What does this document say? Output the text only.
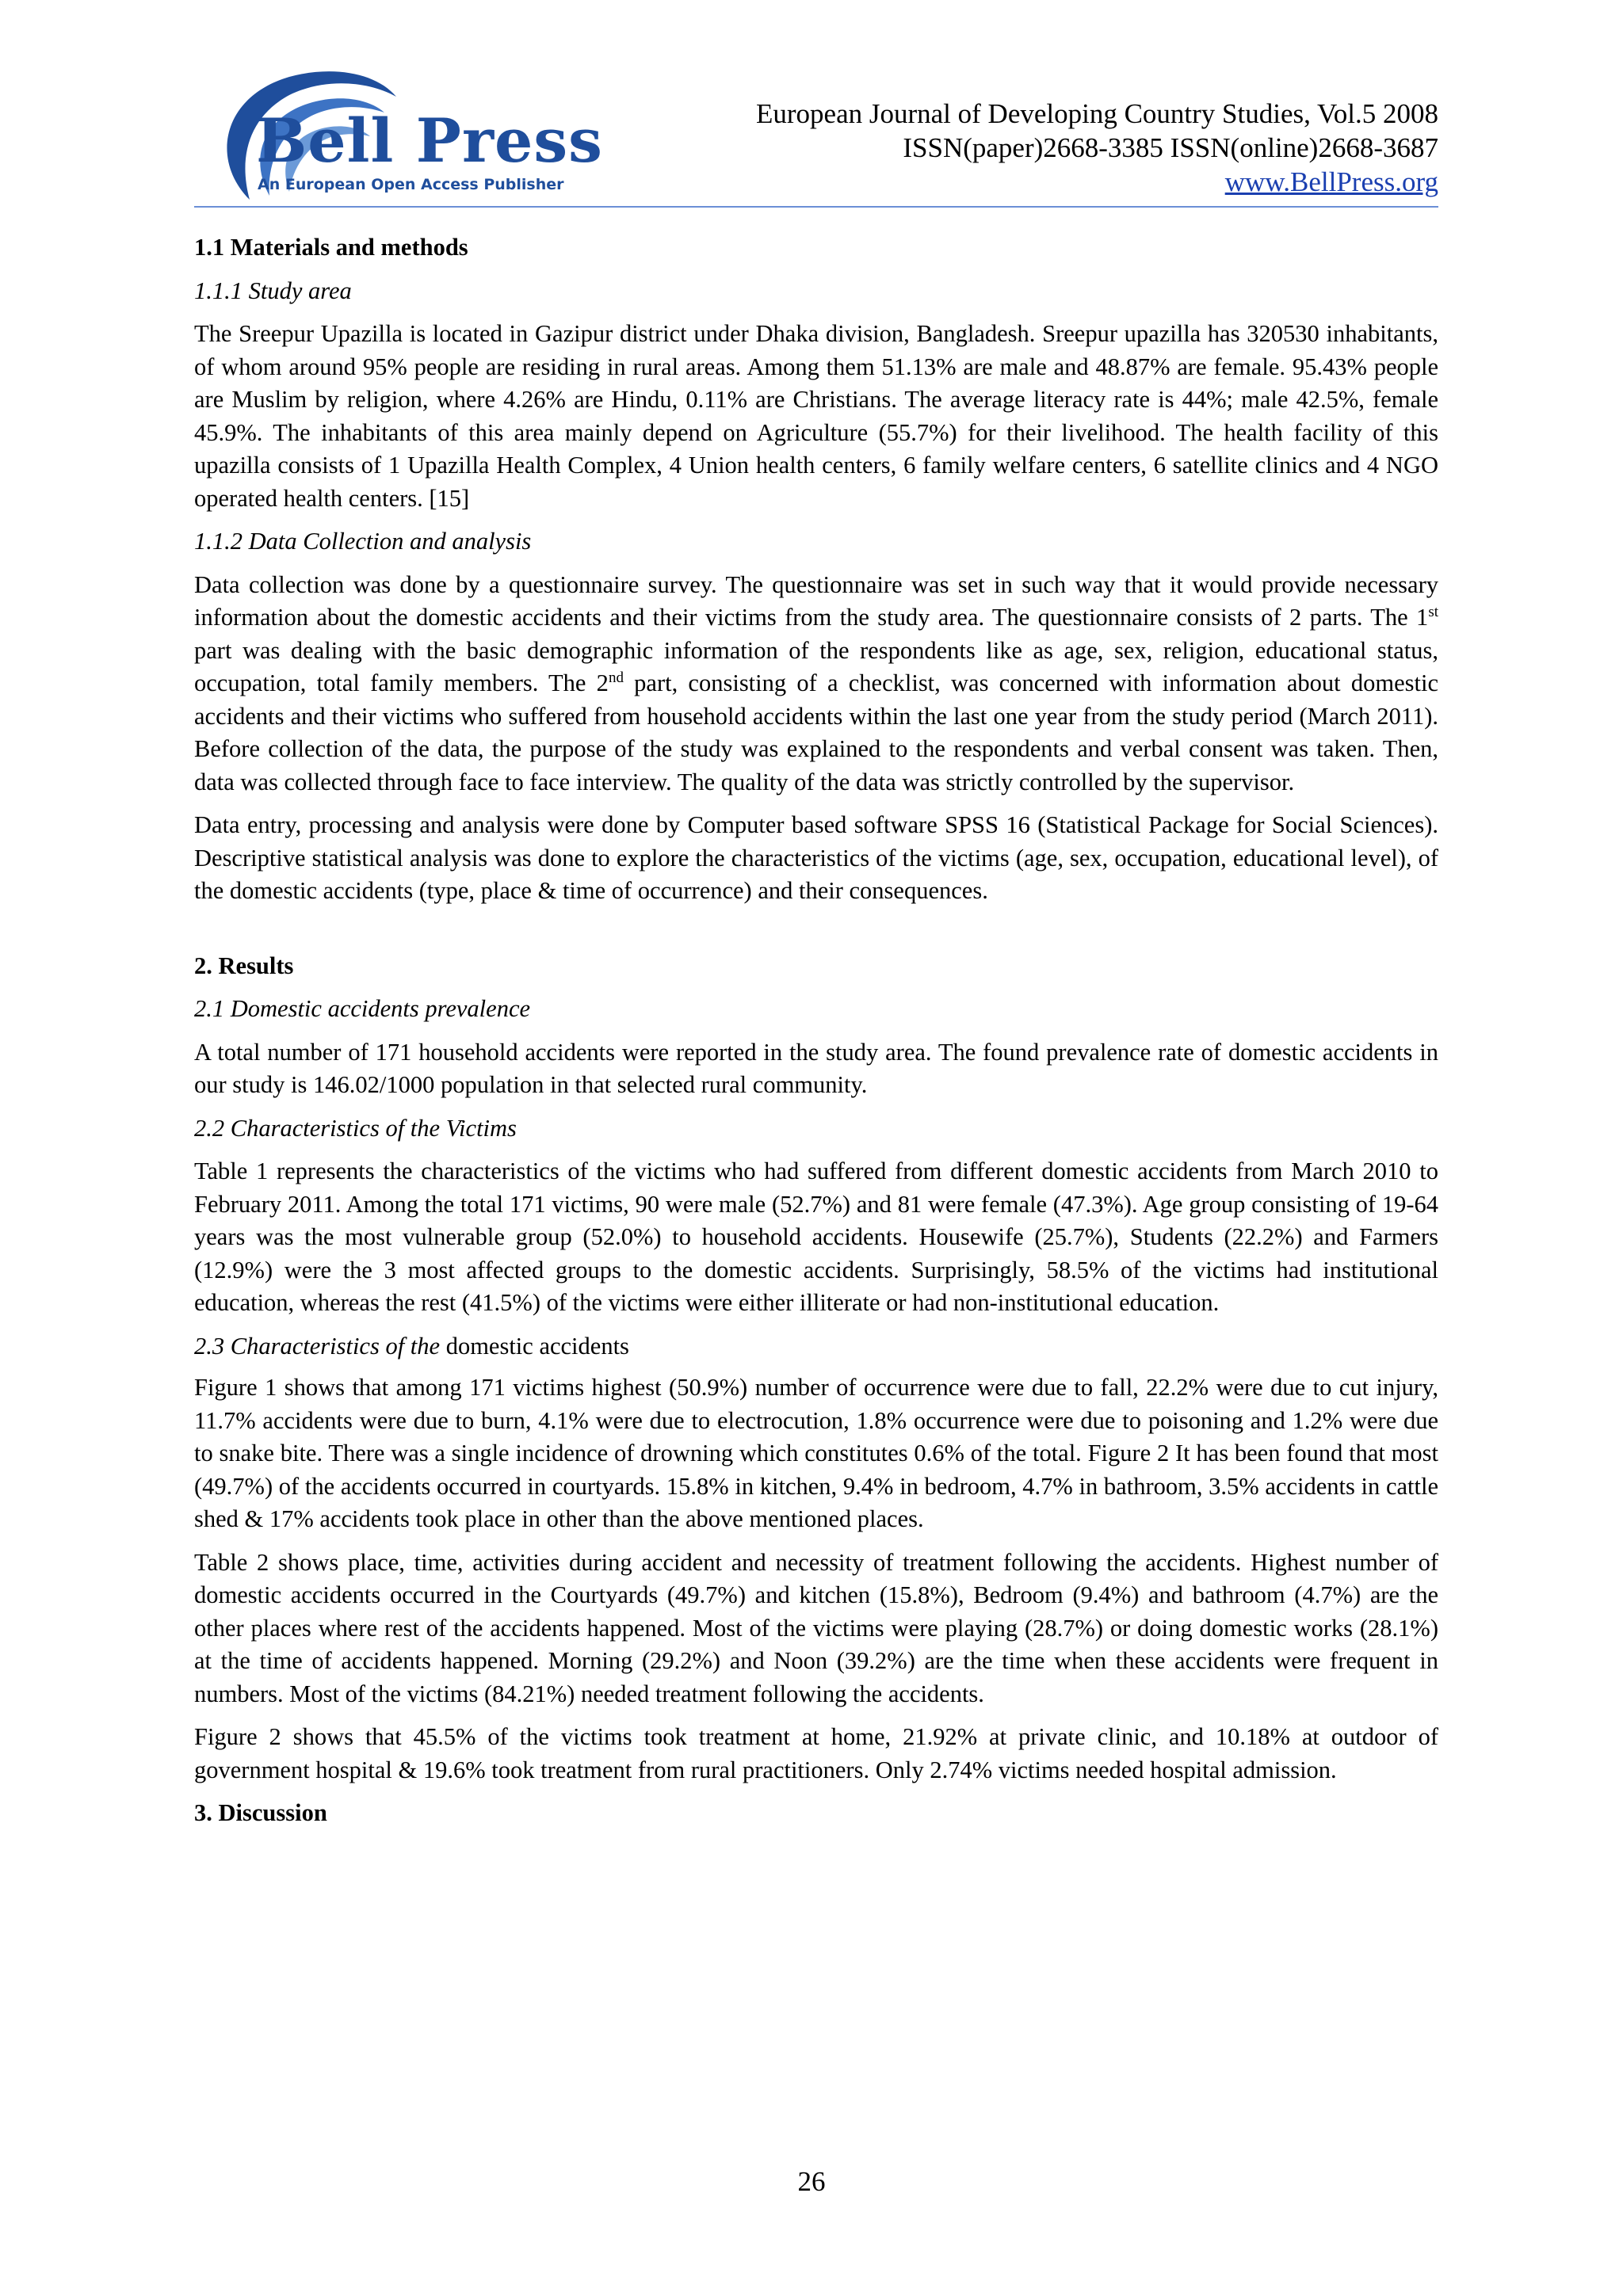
Bell Press
An European Open Access Publisher
European Journal of Developing Country Studies, Vol.5 2008
ISSN(paper)2668-3385 ISSN(online)2668-3687
www.BellPress.org

1.1 Materials and methods

1.1.1 Study area

The Sreepur Upazilla is located in Gazipur district under Dhaka division, Bangladesh. Sreepur upazilla has 320530 inhabitants, of whom around 95% people are residing in rural areas. Among them 51.13% are male and 48.87% are female. 95.43% people are Muslim by religion, where 4.26% are Hindu, 0.11% are Christians. The average literacy rate is 44%; male 42.5%, female 45.9%. The inhabitants of this area mainly depend on Agriculture (55.7%) for their livelihood. The health facility of this upazilla consists of 1 Upazilla Health Complex, 4 Union health centers, 6 family welfare centers, 6 satellite clinics and 4 NGO operated health centers. [15]

1.1.2 Data Collection and analysis

Data collection was done by a questionnaire survey. The questionnaire was set in such way that it would provide necessary information about the domestic accidents and their victims from the study area. The questionnaire consists of 2 parts. The 1st part was dealing with the basic demographic information of the respondents like as age, sex, religion, educational status, occupation, total family members. The 2nd part, consisting of a checklist, was concerned with information about domestic accidents and their victims who suffered from household accidents within the last one year from the study period (March 2011). Before collection of the data, the purpose of the study was explained to the respondents and verbal consent was taken. Then, data was collected through face to face interview. The quality of the data was strictly controlled by the supervisor.

Data entry, processing and analysis were done by Computer based software SPSS 16 (Statistical Package for Social Sciences). Descriptive statistical analysis was done to explore the characteristics of the victims (age, sex, occupation, educational level), of the domestic accidents (type, place & time of occurrence) and their consequences.

2. Results

2.1 Domestic accidents prevalence

A total number of 171 household accidents were reported in the study area. The found prevalence rate of domestic accidents in our study is 146.02/1000 population in that selected rural community.

2.2 Characteristics of the Victims

Table 1 represents the characteristics of the victims who had suffered from different domestic accidents from March 2010 to February 2011. Among the total 171 victims, 90 were male (52.7%) and 81 were female (47.3%). Age group consisting of 19-64 years was the most vulnerable group (52.0%) to household accidents. Housewife (25.7%), Students (22.2%) and Farmers (12.9%) were the 3 most affected groups to the domestic accidents. Surprisingly, 58.5% of the victims had institutional education, whereas the rest (41.5%) of the victims were either illiterate or had non-institutional education.

2.3 Characteristics of the domestic accidents

Figure 1 shows that among 171 victims highest (50.9%) number of occurrence were due to fall, 22.2% were due to cut injury, 11.7% accidents were due to burn, 4.1% were due to electrocution, 1.8% occurrence were due to poisoning and 1.2% were due to snake bite. There was a single incidence of drowning which constitutes 0.6% of the total. Figure 2 It has been found that most (49.7%) of the accidents occurred in courtyards. 15.8% in kitchen, 9.4% in bedroom, 4.7% in bathroom, 3.5% accidents in cattle shed & 17% accidents took place in other than the above mentioned places.

Table 2 shows place, time, activities during accident and necessity of treatment following the accidents. Highest number of domestic accidents occurred in the Courtyards (49.7%) and kitchen (15.8%), Bedroom (9.4%) and bathroom (4.7%) are the other places where rest of the accidents happened. Most of the victims were playing (28.7%) or doing domestic works (28.1%) at the time of accidents happened. Morning (29.2%) and Noon (39.2%) are the time when these accidents were frequent in numbers. Most of the victims (84.21%) needed treatment following the accidents.

Figure 2 shows that 45.5% of the victims took treatment at home, 21.92% at private clinic, and 10.18% at outdoor of government hospital & 19.6% took treatment from rural practitioners. Only 2.74% victims needed hospital admission.

3. Discussion

26
